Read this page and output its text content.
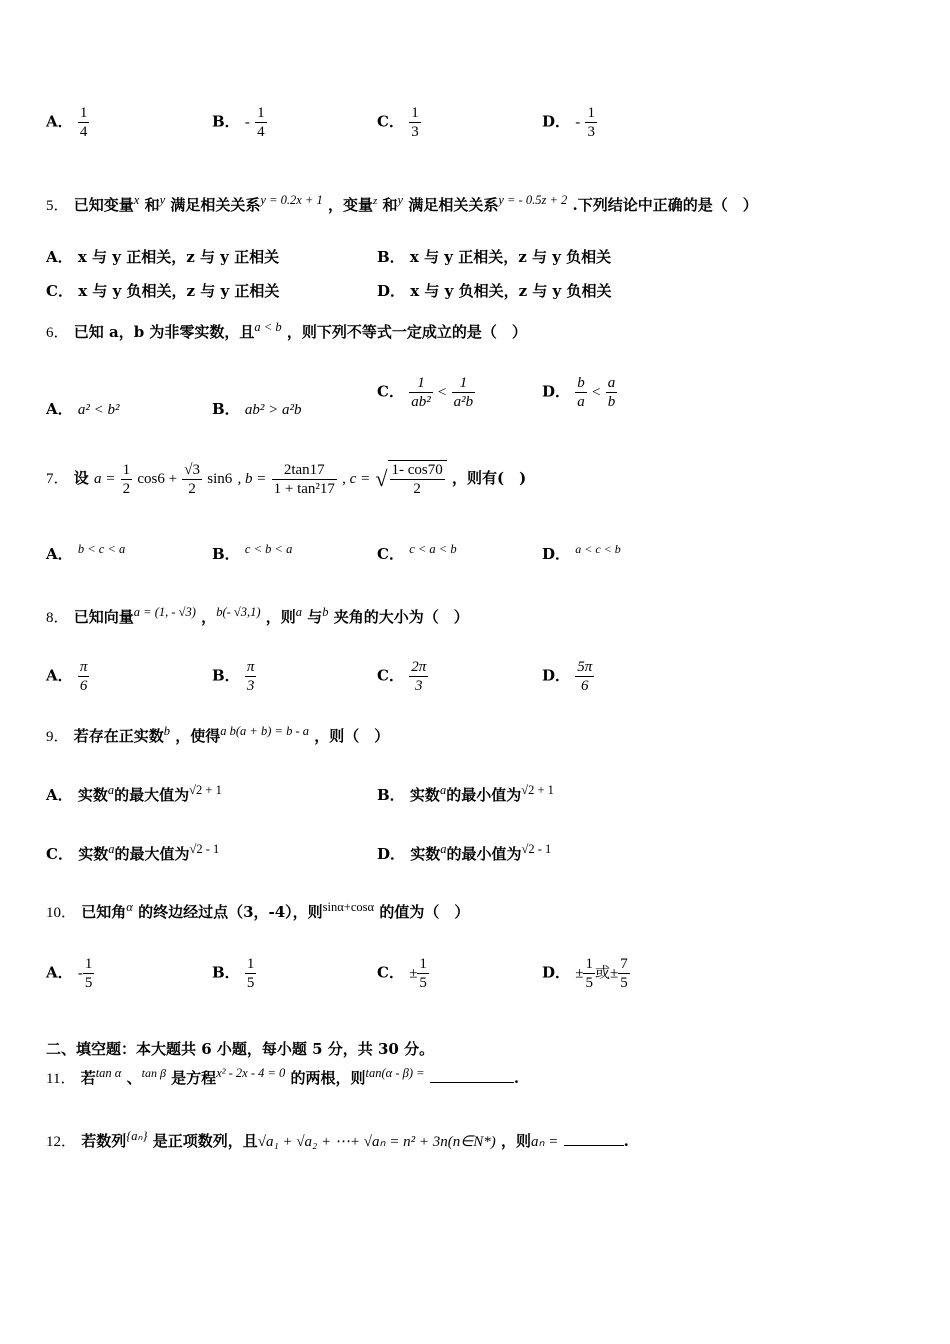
A． $\frac{1}{4}$	B． - $\frac{1}{4}$	C． $\frac{1}{3}$	D． - $\frac{1}{3}$
5． 已知变量$^x$ 和$^y$ 满足相关关系$^{y = 0.2x + 1}$ ，变量$^z$ 和$^y$ 满足相关关系$^{y = - 0.5z + 2}$ .下列结论中正确的是（　）
A． x 与 y 正相关，z 与 y 正相关	B． x 与 y 正相关，z 与 y 负相关
C． x 与 y 负相关，z 与 y 正相关	D． x 与 y 负相关，z 与 y 负相关
6． 已知 a，b 为非零实数，且$^{a < b}$ ，则下列不等式一定成立的是（　）
A． a² < b²	B． ab² > a²b
C． $\frac{1}{\text{ab²}} < \frac{1}{\text{a²b}}$	D． $\frac{b}{a} < \frac{a}{b}$
7． 设 $a = \frac{1}{2} \cos 6 + \frac{√3}{2} \sin 6$ , $b = \frac{2\tan 17}{\text{1 + tan²17}}$ , c = √ $\frac{1- \cos 70}{2}$ ，则有(　)
A． $^{b < c < a}$	B． $^{c < b < a}$	C． $^{c < a < b}$	D． $^{a < c < b}$
8． 已知向量$^{a = (1, - √3)}$ ，$^{b(- √3,1)}$ ，则$^a$ 与$^b$ 夹角的大小为（　）
A． $\frac{\pi}{6}$	B． $\frac{\pi}{3}$	C． $\frac{2\pi}{3}$	D． $\frac{5\pi}{6}$
9． 若存在正实数$^b$ ，使得$^{a b(a + b) = b - a}$ ，则（　）
A． 实数$^a$的最大值为$^{√2 + 1}$	B． 实数$^a$的最小值为$^{√2 + 1}$
C． 实数$^a$的最大值为$^{√2 - 1}$	D． 实数$^a$的最小值为$^{√2 - 1}$
10． 已知角$^\alpha$ 的终边经过点（3，-4），则$^{sin\alpha+cos\alpha}$ 的值为（　）
A． - $\frac{1}{5}$	B． $\frac{1}{5}$	C． ± $\frac{1}{5}$	D． ± $\frac{1}{5}$ 或± $\frac{7}{5}$
二、填空题：本大题共 6 小题，每小题 5 分，共 30 分。
11． 若$^{tan \alpha}$ 、$^{tan \beta}$ 是方程$^{x^2 - 2x - 4 = 0}$ 的两根，则$^{tan(\alpha - \beta) =}$	.
12． 若数列$^{\{a_n\}}$ 是正项数列，且√a₁ + √a₂ + ⋯+ √aₙ = n² + 3n(n∈N*) ，则aₙ =	.
